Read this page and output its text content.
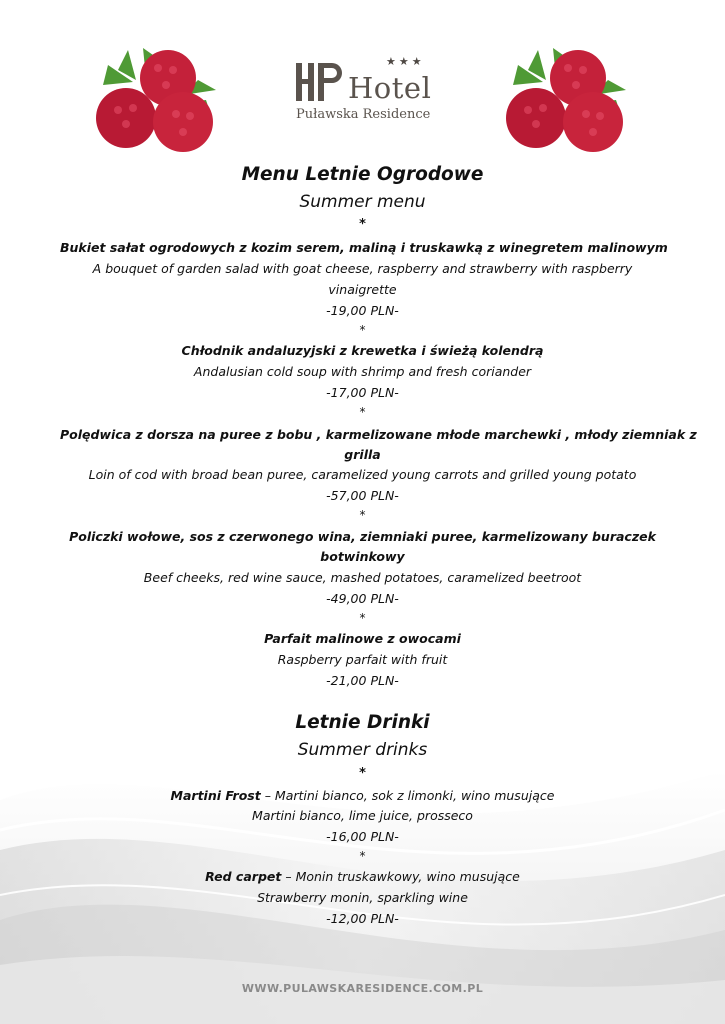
★★★
Hotel
Puławska Residence
Menu Letnie Ogrodowe
Summer menu
*
Bukiet sałat ogrodowych z kozim serem, maliną i truskawką z winegretem malinowym
A bouquet of garden salad with goat cheese, raspberry and strawberry with raspberry
vinaigrette
-19,00 PLN-
*
Chłodnik andaluzyjski z krewetka i świeżą kolendrą
Andalusian cold soup with shrimp and fresh coriander
-17,00 PLN-
*
Polędwica z dorsza na puree z bobu , karmelizowane młode marchewki , młody ziemniak z
grilla
Loin of cod with broad bean puree, caramelized young carrots and grilled young potato
-57,00 PLN-
*
Policzki wołowe, sos z czerwonego wina, ziemniaki puree, karmelizowany buraczek
botwinkowy
Beef cheeks, red wine sauce, mashed potatoes, caramelized beetroot
-49,00 PLN-
*
Parfait malinowe z owocami
Raspberry parfait with fruit
-21,00 PLN-
Letnie Drinki
Summer drinks
*
Martini Frost – Martini bianco, sok z limonki, wino musujące
Martini bianco, lime juice, prosseco
-16,00 PLN-
*
Red carpet – Monin truskawkowy, wino musujące
Strawberry monin, sparkling wine
-12,00 PLN-
WWW.PULAWSKARESIDENCE.COM.PL
